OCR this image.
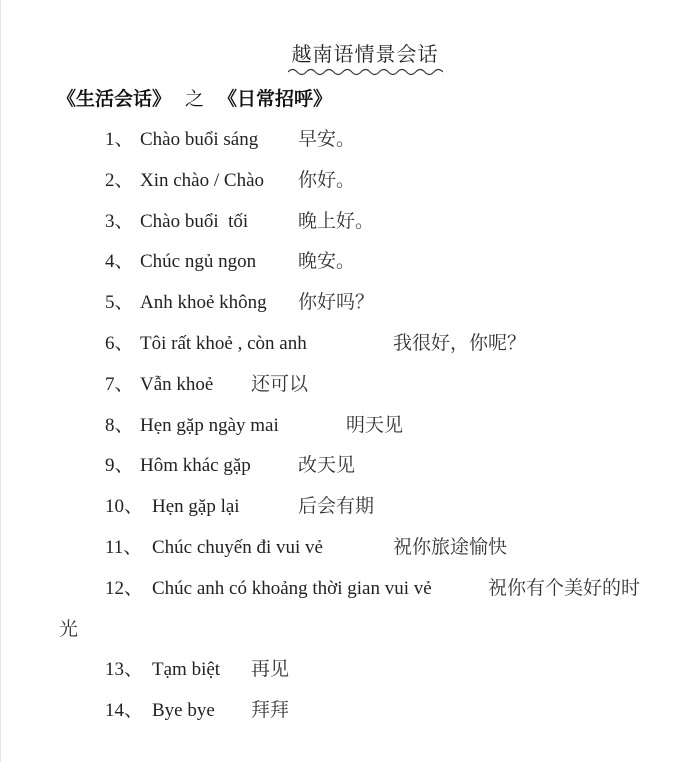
越南语情景会话
《生活会话》 之 《日常招呼》
1、 Chào buổi sáng 早安。
2、 Xin chào / Chào 你好。
3、 Chào buổi  tối	晚上好。
4、 Chúc ngủ ngon 晚安。
5、 Anh khoẻ không 你好吗？
6、 Tôi rất khoẻ , còn anh	我很好，你呢？
7、 Vẫn khoẻ 还可以
8、 Hẹn gặp ngày mai	明天见
9、 Hôm khác gặp 改天见
10、 Hẹn gặp lại	后会有期
11、 Chúc chuyến đi vui vẻ	祝你旅途愉快
12、 Chúc anh có khoảng thời gian vui vẻ	祝你有个美好的时
光
13、 Tạm biệt 再见
14、 Bye bye 拜拜
